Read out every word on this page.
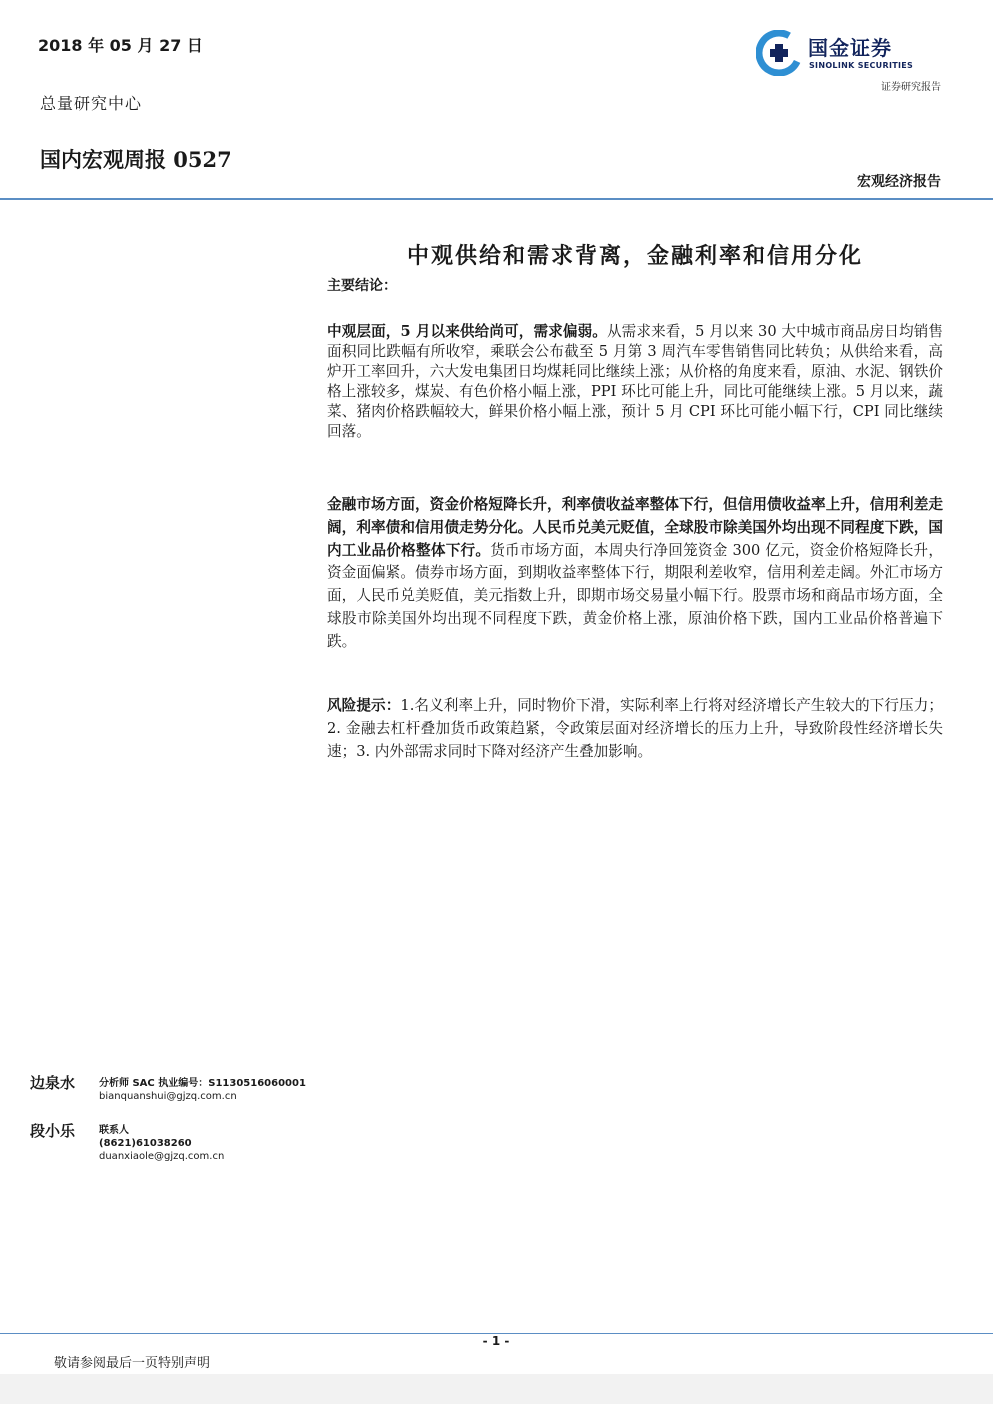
2018 年 05 月 27 日
总量研究中心
国内宏观周报 0527
国金证券
SINOLINK SECURITIES
证券研究报告
宏观经济报告
中观供给和需求背离，金融利率和信用分化
主要结论：

中观层面，5 月以来供给尚可，需求偏弱。从需求来看，5 月以来 30 大中城市商品房日均销售面积同比跌幅有所收窄，乘联会公布截至 5 月第 3 周汽车零售销售同比转负；从供给来看，高炉开工率回升，六大发电集团日均煤耗同比继续上涨；从价格的角度来看，原油、水泥、钢铁价格上涨较多，煤炭、有色价格小幅上涨，PPI 环比可能上升，同比可能继续上涨。5 月以来，蔬菜、猪肉价格跌幅较大，鲜果价格小幅上涨，预计 5 月 CPI 环比可能小幅下行，CPI 同比继续回落。

金融市场方面，资金价格短降长升，利率债收益率整体下行，但信用债收益率上升，信用利差走阔，利率债和信用债走势分化。人民币兑美元贬值，全球股市除美国外均出现不同程度下跌，国内工业品价格整体下行。货币市场方面，本周央行净回笼资金 300 亿元，资金价格短降长升，资金面偏紧。债券市场方面，到期收益率整体下行，期限利差收窄，信用利差走阔。外汇市场方面，人民币兑美贬值，美元指数上升，即期市场交易量小幅下行。股票市场和商品市场方面，全球股市除美国外均出现不同程度下跌，黄金价格上涨，原油价格下跌，国内工业品价格普遍下跌。

风险提示：1.名义利率上升，同时物价下滑，实际利率上行将对经济增长产生较大的下行压力；2. 金融去杠杆叠加货币政策趋紧，令政策层面对经济增长的压力上升，导致阶段性经济增长失速；3. 内外部需求同时下降对经济产生叠加影响。

边泉水 分析师 SAC 执业编号：S1130516060001
bianquanshui@gjzq.com.cn
段小乐 联系人
(8621)61038260
duanxiaole@gjzq.com.cn
- 1 -
敬请参阅最后一页特别声明
